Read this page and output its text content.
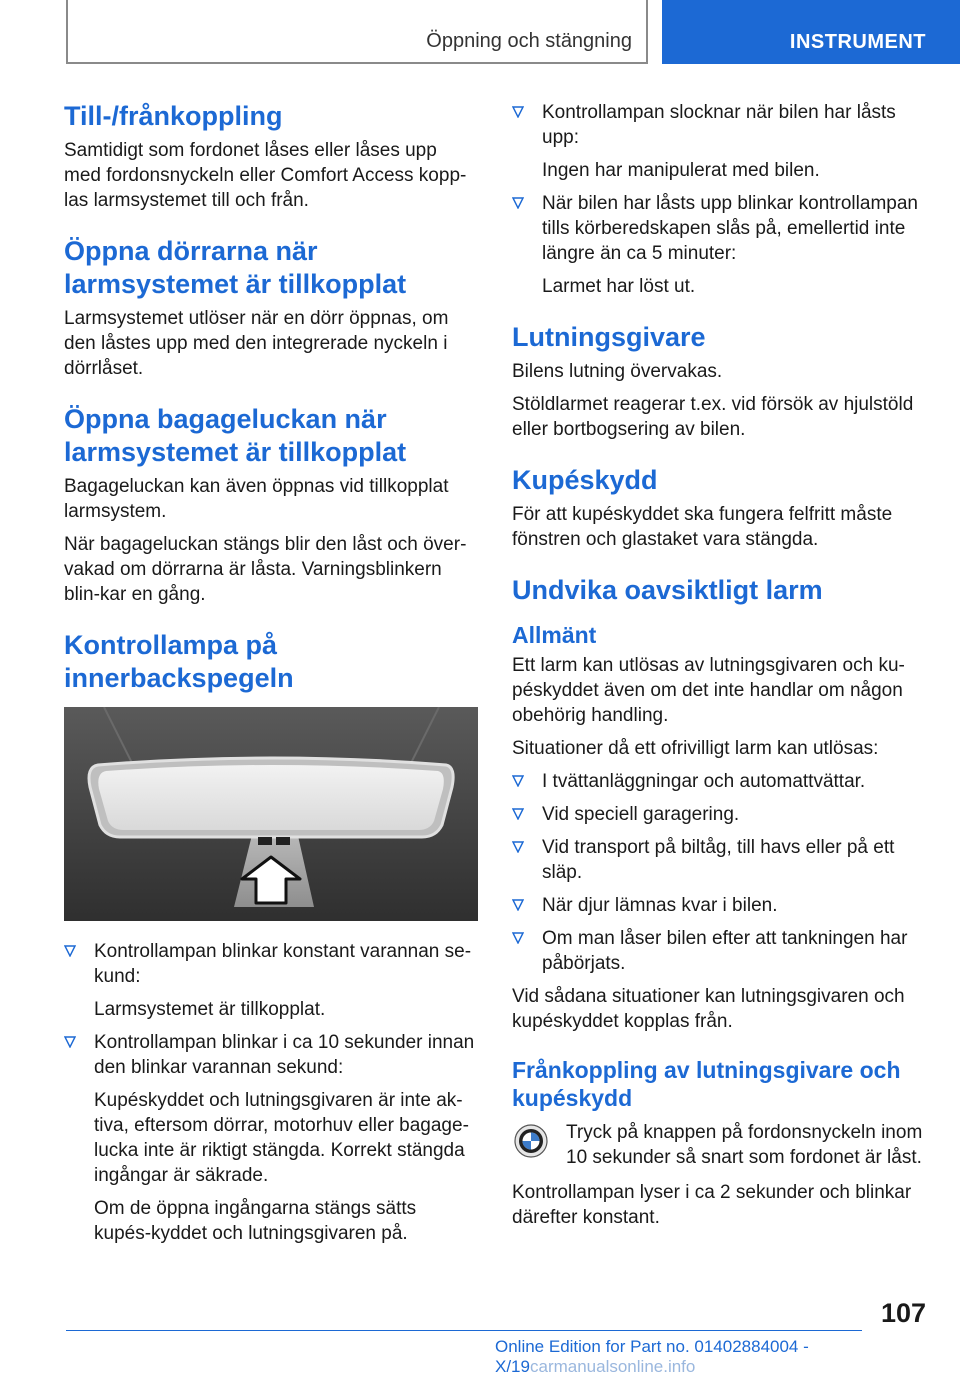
Öppning och stängning	INSTRUMENT
Till-/frånkoppling

Samtidigt som fordonet låses eller låses upp med fordonsnyckeln eller Comfort Access kopp-las larmsystemet till och från.

Öppna dörrarna när larmsystemet är tillkopplat

Larmsystemet utlöser när en dörr öppnas, om den låstes upp med den integrerade nyckeln i dörrlåset.

Öppna bagageluckan när larmsystemet är tillkopplat

Bagageluckan kan även öppnas vid tillkopplat larmsystem.

När bagageluckan stängs blir den låst och över-vakad om dörrarna är låsta. Varningsblinkern blin-kar en gång.

Kontrollampa på innerbackspegeln
Kontrollampan blinkar konstant varannan se-kund:
Larmsystemet är tillkopplat.
Kontrollampan blinkar i ca 10 sekunder innan den blinkar varannan sekund:
Kupéskyddet och lutningsgivaren är inte ak-tiva, eftersom dörrar, motorhuv eller bagage-lucka inte är riktigt stängda. Korrekt stängda ingångar är säkrade.
Om de öppna ingångarna stängs sätts kupés-kyddet och lutningsgivaren på.
Kontrollampan slocknar när bilen har låsts upp:
Ingen har manipulerat med bilen.
När bilen har låsts upp blinkar kontrollampan tills körberedskapen slås på, emellertid inte längre än ca 5 minuter:
Larmet har löst ut.
Lutningsgivare

Bilens lutning övervakas.

Stöldlarmet reagerar t.ex. vid försök av hjulstöld eller bortbogsering av bilen.

Kupéskydd

För att kupéskyddet ska fungera felfritt måste fönstren och glastaket vara stängda.

Undvika oavsiktligt larm
Allmänt

Ett larm kan utlösas av lutningsgivaren och ku-péskyddet även om det inte handlar om någon obehörig handling.

Situationer då ett ofrivilligt larm kan utlösas:

I tvättanläggningar och automattvättar.
Vid speciell garagering.
Vid transport på biltåg, till havs eller på ett släp.
När djur lämnas kvar i bilen.
Om man låser bilen efter att tankningen har påbörjats.

Vid sådana situationer kan lutningsgivaren och kupéskyddet kopplas från.

Frånkoppling av lutningsgivare och kupéskydd

Tryck på knappen på fordonsnyckeln inom 10 sekunder så snart som fordonet är låst.

Kontrollampan lyser i ca 2 sekunder och blinkar därefter konstant.

107
Online Edition for Part no. 01402884004 - X/19carmanualsonline.info
